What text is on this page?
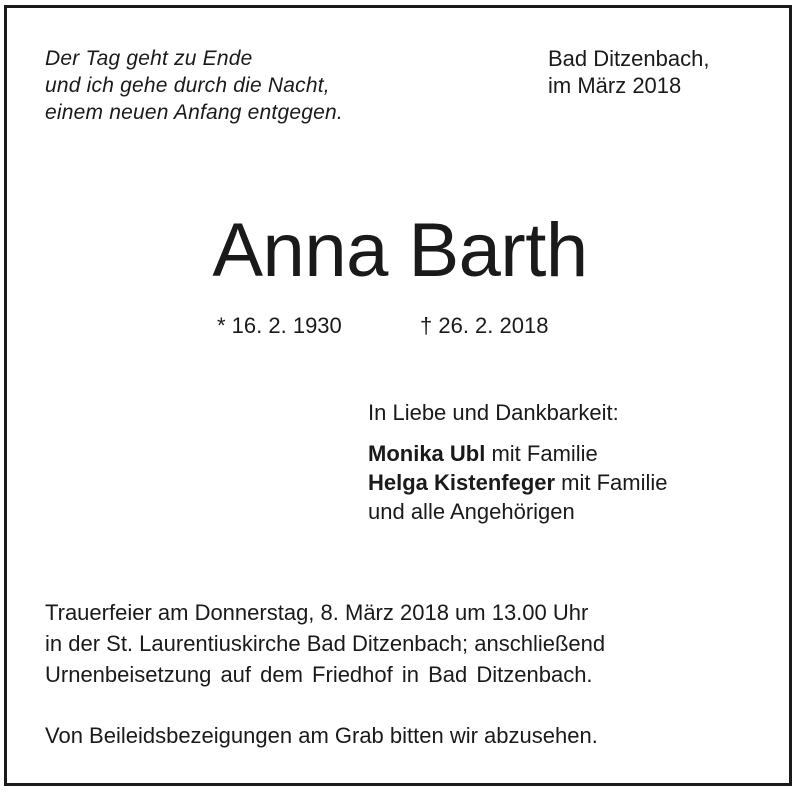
Der Tag geht zu Ende
und ich gehe durch die Nacht,
einem neuen Anfang entgegen.
Bad Ditzenbach,
im März 2018
Anna Barth
* 16. 2. 1930	† 26. 2. 2018
In Liebe und Dankbarkeit:
Monika Ubl mit Familie
Helga Kistenfeger mit Familie
und alle Angehörigen
Trauerfeier am Donnerstag, 8. März 2018 um 13.00 Uhr
in der St. Laurentiuskirche Bad Ditzenbach; anschließend
Urnenbeisetzung auf dem Friedhof in Bad Ditzenbach.
Von Beileidsbezeigungen am Grab bitten wir abzusehen.
